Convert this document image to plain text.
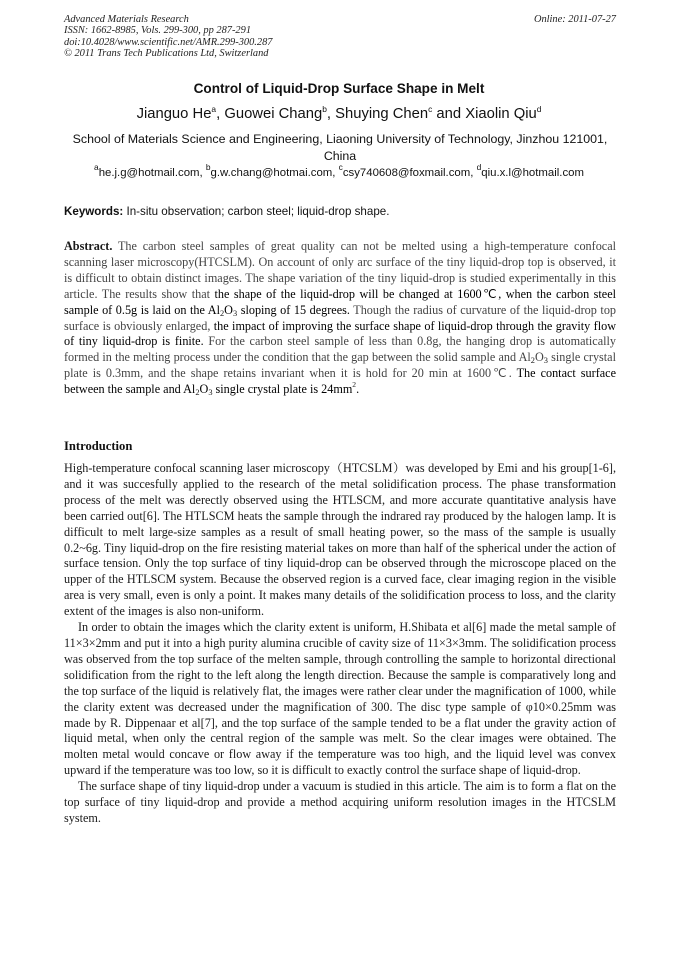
Advanced Materials Research
ISSN: 1662-8985, Vols. 299-300, pp 287-291
doi:10.4028/www.scientific.net/AMR.299-300.287
© 2011 Trans Tech Publications Ltd, Switzerland
Online: 2011-07-27
Control of Liquid-Drop Surface Shape in Melt
Jianguo He$^a$, Guowei Chang$^b$, Shuying Chen$^c$ and Xiaolin Qiu$^d$
School of Materials Science and Engineering, Liaoning University of Technology, Jinzhou 121001, China
$^a$he.j.g@hotmail.com, $^b$g.w.chang@hotmai.com, $^c$csy740608@foxmail.com, $^d$qiu.x.l@hotmail.com
Keywords: In-situ observation; carbon steel; liquid-drop shape.
Abstract. The carbon steel samples of great quality can not be melted using a high-temperature confocal scanning laser microscopy(HTCSLM). On account of only arc surface of the tiny liquid-drop top is observed, it is difficult to obtain distinct images. The shape variation of the tiny liquid-drop is studied experimentally in this article. The results show that the shape of the liquid-drop will be changed at 1600℃, when the carbon steel sample of 0.5g is laid on the $Al_2O_3$ sloping of 15 degrees. Though the radius of curvature of the liquid-drop top surface is obviously enlarged, the impact of improving the surface shape of liquid-drop through the gravity flow of tiny liquid-drop is finite. For the carbon steel sample of less than 0.8g, the hanging drop is automatically formed in the melting process under the condition that the gap between the solid sample and $Al_2O_3$ single crystal plate is 0.3mm, and the shape retains invariant when it is hold for 20 min at 1600℃. The contact surface between the sample and $Al_2O_3$ single crystal plate is $24mm^2$.
Introduction

High-temperature confocal scanning laser microscopy（HTCSLM）was developed by Emi and his group[1-6], and it was succesfully applied to the research of the metal solidification process. The phase transformation process of the melt was derectly observed using the HTLSCM, and more accurate quantitative analysis have been carried out[6]. The HTLSCM heats the sample through the indrared ray produced by the halogen lamp. It is difficult to melt large-size samples as a result of small heating power, so the mass of the sample is usually 0.2~6g. Tiny liquid-drop on the fire resisting material takes on more than half of the spherical under the action of surface tension. Only the top surface of tiny liquid-drop can be observed through the microscope placed on the upper of the HTLSCM system. Because the observed region is a curved face, clear imaging region in the visible area is very small, even is only a point. It makes many details of the solidification process to loss, and the clarity extent of the images is also non-uniform.

In order to obtain the images which the clarity extent is uniform, H.Shibata et al[6] made the metal sample of 11×3×2mm and put it into a high purity alumina crucible of cavity size of 11×3×3mm. The solidification process was observed from the top surface of the melten sample, through controlling the sample to horizontal directional solidification from the right to the left along the length direction. Because the sample is comparatively long and the top surface of the liquid is relatively flat, the images were rather clear under the magnification of 1000, while the clarity extent was decreased under the magnification of 300. The disc type sample of φ10×0.25mm was made by R. Dippenaar et al[7], and the top surface of the sample tended to be a flat under the gravity action of liquid metal, when only the central region of the sample was melt. So the clear images were obtained. The molten metal would concave or flow away if the temperature was too high, and the liquid level was convex upward if the temperature was too low, so it is difficult to exactly control the surface shape of liquid-drop.

The surface shape of tiny liquid-drop under a vacuum is studied in this article. The aim is to form a flat on the top surface of tiny liquid-drop and provide a method acquiring uniform resolution images in the HTCSLM system.
